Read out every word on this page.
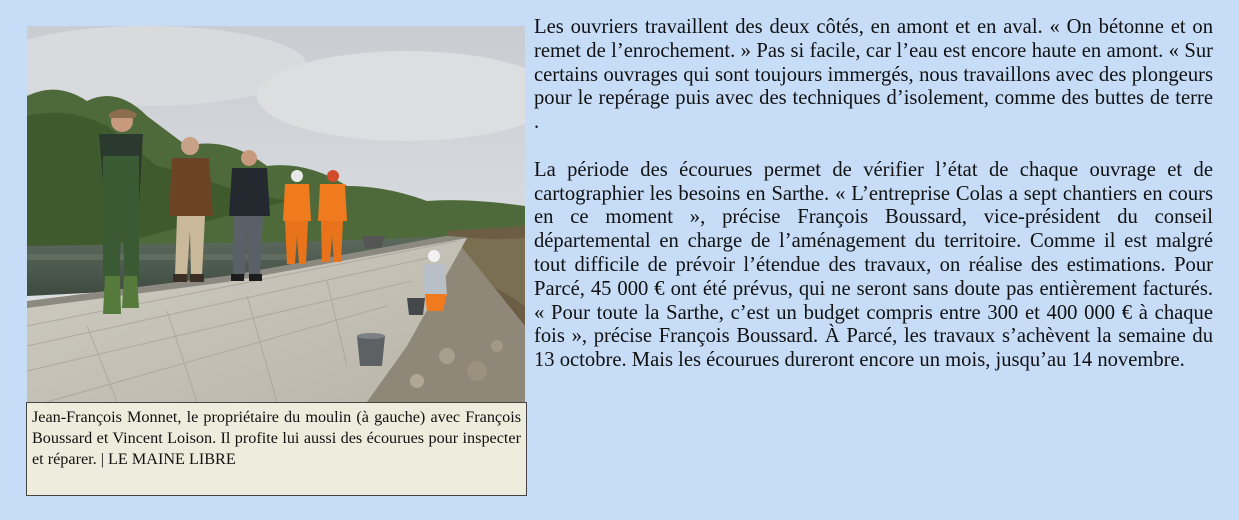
Jean-François Monnet, le propriétaire du moulin (à gauche) avec François Boussard et Vincent Loison. Il profite lui aussi des écourues pour inspecter et réparer. | LE MAINE LIBRE

Les ouvriers travaillent des deux côtés, en amont et en aval. « On bétonne et on remet de l’enrochement. » Pas si facile, car l’eau est encore haute en amont. « Sur certains ouvrages qui sont toujours immergés, nous travaillons avec des plongeurs pour le repérage puis avec des techniques d’isolement, comme des buttes de terre .

La période des écourues permet de vérifier l’état de chaque ouvrage et de cartographier les besoins en Sarthe. « L’entreprise Colas a sept chantiers en cours en ce moment », précise François Boussard, vice-président du conseil départemental en charge de l’aménagement du territoire. Comme il est malgré tout difficile de prévoir l’étendue des travaux, on réalise des estimations. Pour Parcé, 45 000 € ont été prévus, qui ne seront sans doute pas entièrement facturés. « Pour toute la Sarthe, c’est un budget compris entre 300 et 400 000 € à chaque fois », précise François Boussard. À Parcé, les travaux s’achèvent la semaine du 13 octobre. Mais les écourues dureront encore un mois, jusqu’au 14 novembre.
